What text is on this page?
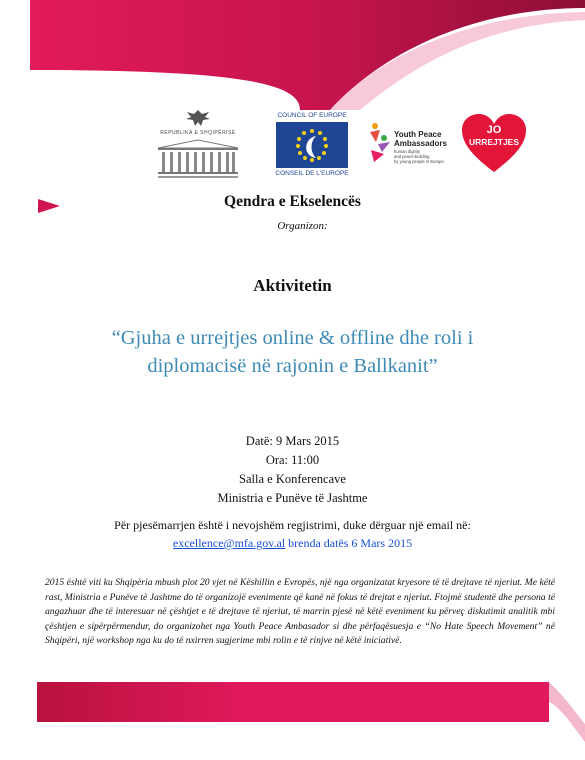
REPUBLIKA E SHQIPËRISË
COUNCIL OF EUROPE
CONSEIL DE L'EUROPE
Youth Peace
Ambassadors
human dignity
and peace-building
by young people in Europe
JO
URREJTJES
Qendra e Ekselencës
Organizon:
Aktivitetin
“Gjuha e urrejtjes online & offline dhe roli i
diplomacisë në rajonin e Ballkanit”
Datë: 9 Mars 2015
Ora: 11:00
Salla e Konferencave
Ministria e Punëve të Jashtme
Për pjesëmarrjen është i nevojshëm regjistrimi, duke dërguar një email në:
excellence@mfa.gov.al brenda datës 6 Mars 2015
2015 është viti ku Shqipëria mbush plot 20 vjet në Këshillin e Evropës, një nga organizatat kryesore të të drejtave të njeriut. Me këtë rast, Ministria e Punëve të Jashtme do të organizojë evenimente që kanë në fokus të drejtat e njeriut. Ftojmë studentë dhe persona të angazhuar dhe të interesuar në çështjet e të drejtave të njeriut, të marrin pjesë në këtë eveniment ku përveç diskutimit analitik mbi çështjen e sipërpërmendur, do organizohet nga Youth Peace Ambasador si dhe përfaqësuesja e “No Hate Speech Movement” në Shqipëri, një workshop nga ku do të nxirren sugjerime mbi rolin e të rinjve në këtë iniciativë.
